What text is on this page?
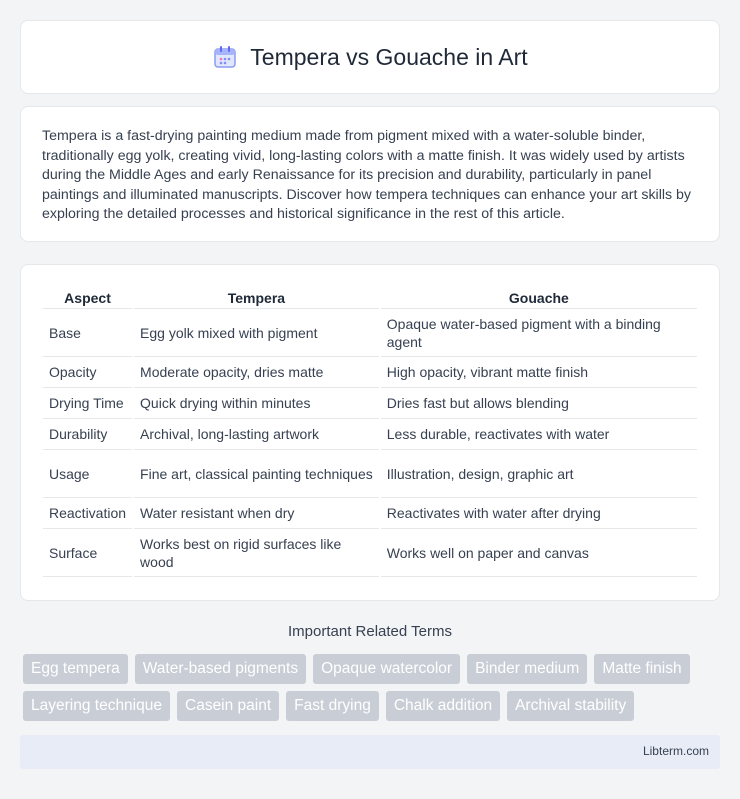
Tempera vs Gouache in Art

Tempera is a fast-drying painting medium made from pigment mixed with a water-soluble binder, traditionally egg yolk, creating vivid, long-lasting colors with a matte finish. It was widely used by artists during the Middle Ages and early Renaissance for its precision and durability, particularly in panel paintings and illuminated manuscripts. Discover how tempera techniques can enhance your art skills by exploring the detailed processes and historical significance in the rest of this article.

Aspect	Tempera	Gouache
Base	Egg yolk mixed with pigment	Opaque water-based pigment with a binding agent
Opacity	Moderate opacity, dries matte	High opacity, vibrant matte finish
Drying Time	Quick drying within minutes	Dries fast but allows blending
Durability	Archival, long-lasting artwork	Less durable, reactivates with water
Usage	Fine art, classical painting techniques	Illustration, design, graphic art
Reactivation	Water resistant when dry	Reactivates with water after drying
Surface	Works best on rigid surfaces like wood	Works well on paper and canvas
Important Related Terms
Egg tempera	Water-based pigments	Opaque watercolor	Binder medium	Matte finish
Layering technique	Casein paint	Fast drying	Chalk addition	Archival stability
Libterm.com
